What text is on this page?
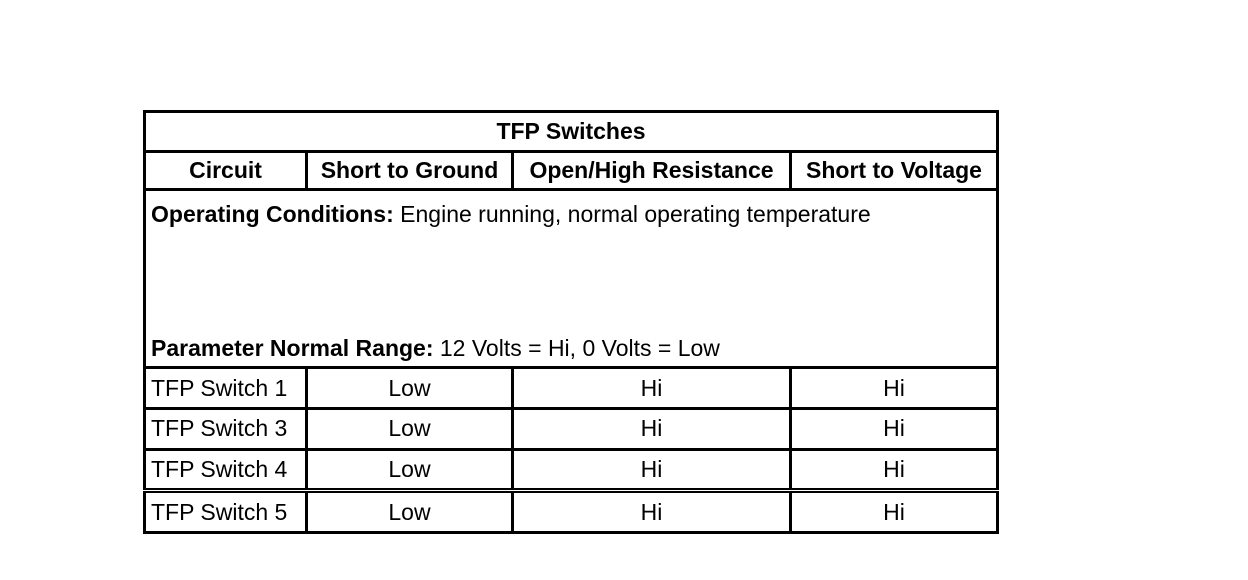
TFP Switches			
Circuit	Short to Ground	Open/High Resistance	Short to Voltage

Operating Conditions: Engine running, normal operating temperature
Parameter Normal Range: 12 Volts = Hi, 0 Volts = Low			

TFP Switch 1	Low	Hi	Hi
TFP Switch 3	Low	Hi	Hi
TFP Switch 4	Low	Hi	Hi
TFP Switch 5	Low	Hi	Hi
